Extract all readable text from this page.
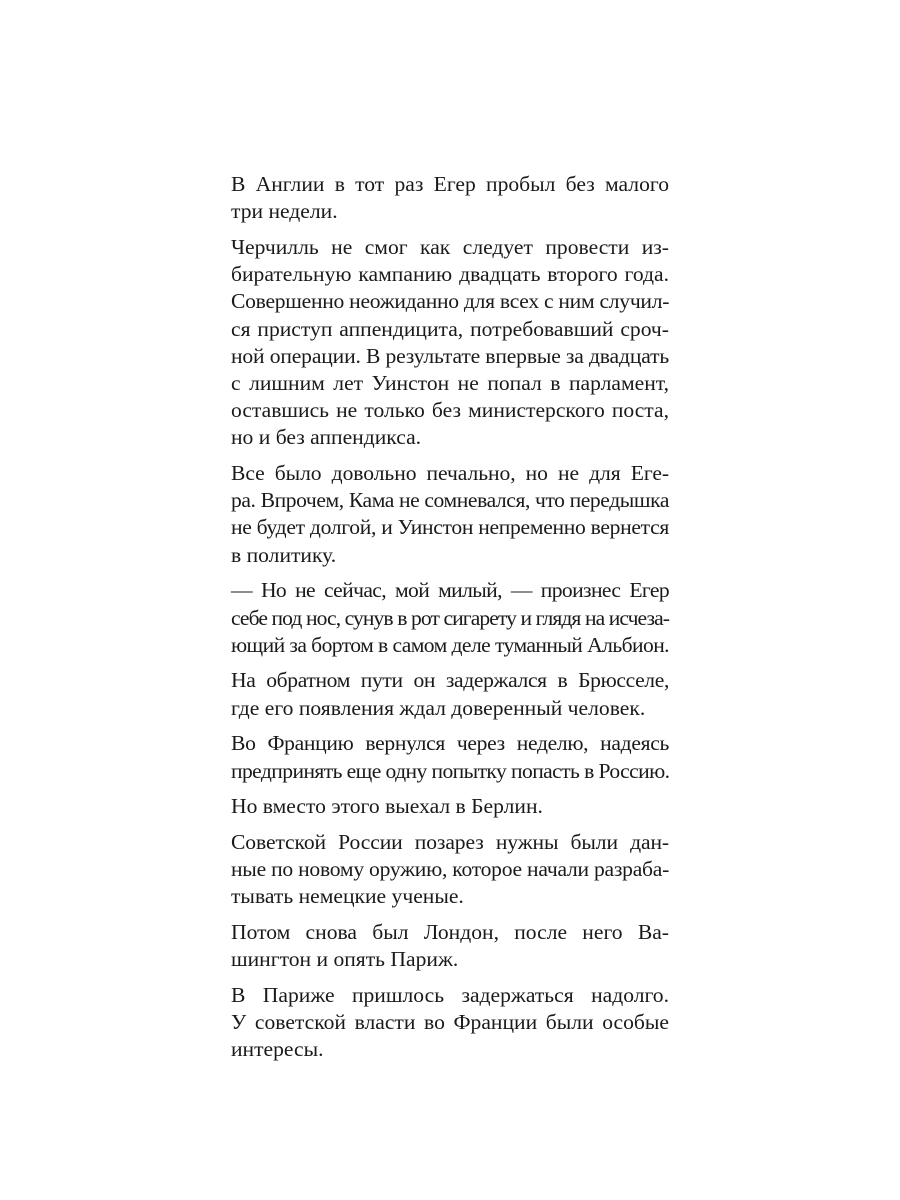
В Англии в тот раз Егер пробыл без малого
три недели.

Черчилль не смог как следует провести из-
бирательную кампанию двадцать второго года.
Совершенно неожиданно для всех с ним случил-
ся приступ аппендицита, потребовавший сроч-
ной операции. В результате впервые за двадцать
с лишним лет Уинстон не попал в парламент,
оставшись не только без министерского поста,
но и без аппендикса.

Все было довольно печально, но не для Еге-
ра. Впрочем, Кама не сомневался, что передышка
не будет долгой, и Уинстон непременно вернется
в политику.

— Но не сейчас, мой милый, — произнес Егер
себе под нос, сунув в рот сигарету и глядя на исчеза-
ющий за бортом в самом деле туманный Альбион.

На обратном пути он задержался в Брюсселе,
где его появления ждал доверенный человек.

Во Францию вернулся через неделю, надеясь
предпринять еще одну попытку попасть в Россию.

Но вместо этого выехал в Берлин.

Советской России позарез нужны были дан-
ные по новому оружию, которое начали разраба-
тывать немецкие ученые.

Потом снова был Лондон, после него Ва-
шингтон и опять Париж.

В Париже пришлось задержаться надолго.
У советской власти во Франции были особые
интересы.
